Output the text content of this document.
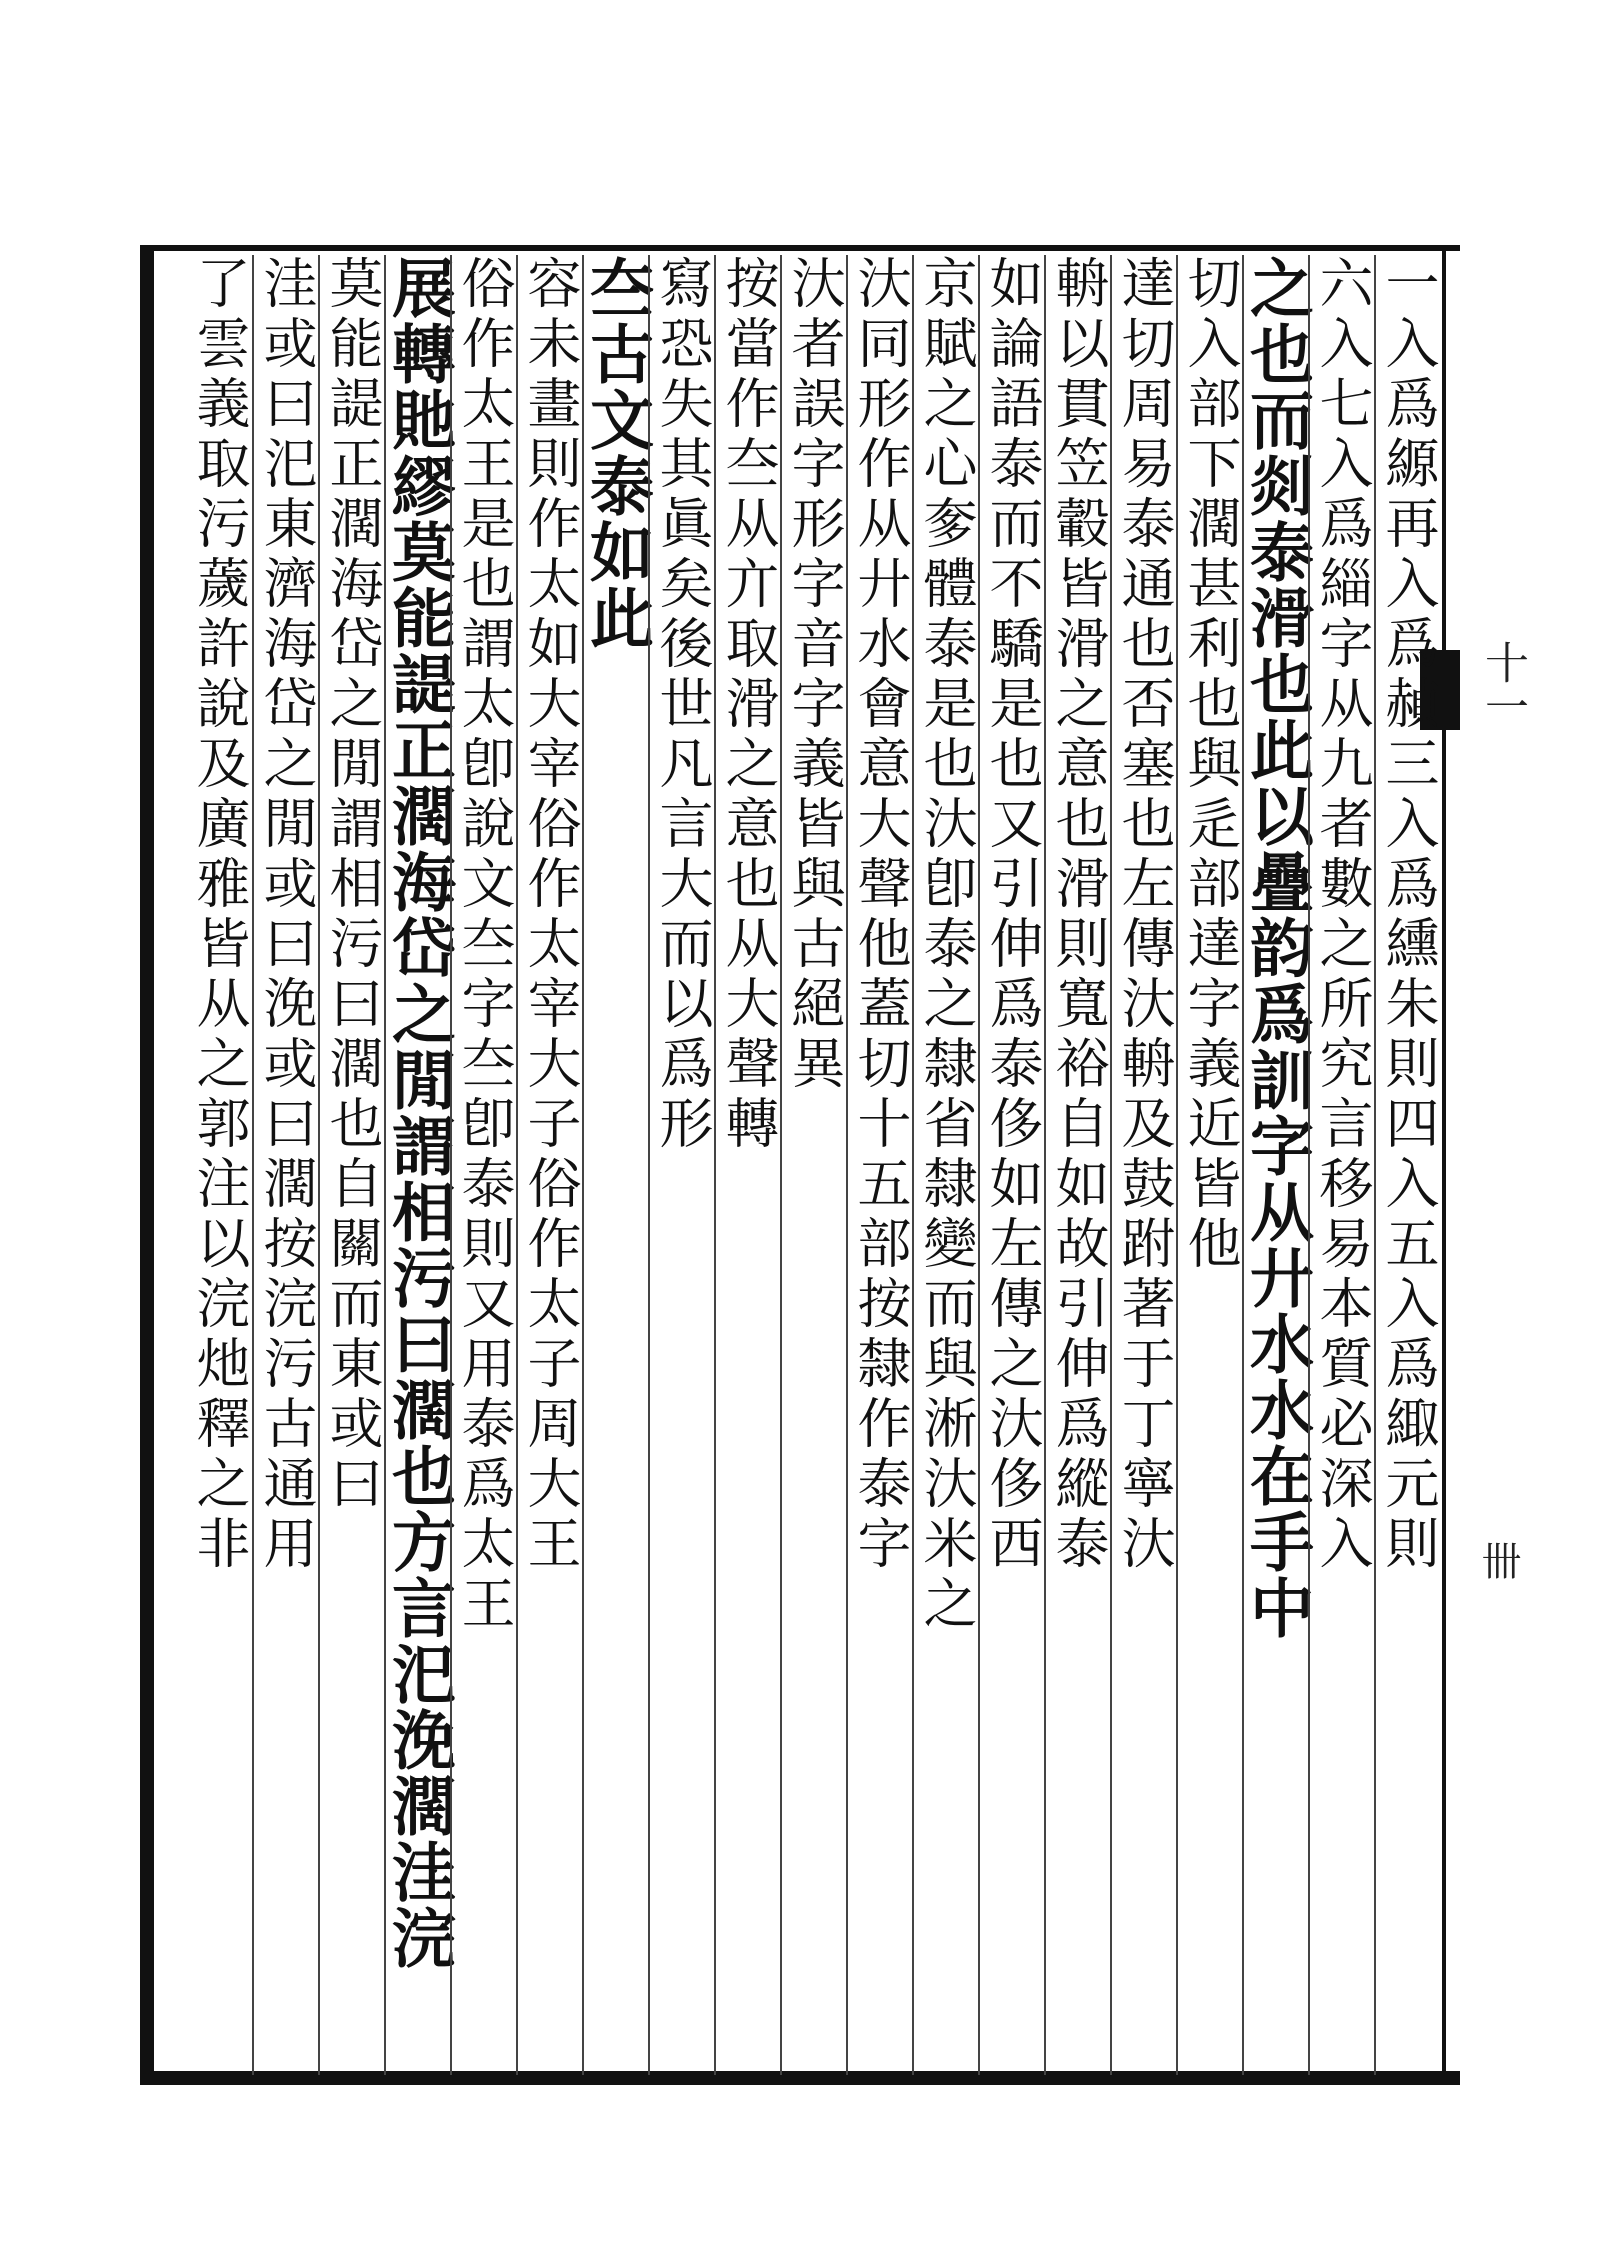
十一
卌
一入爲縓再入爲赬三入爲纁朱則四入五入爲緅元則
六入七入爲緇字从九者數之所究言移易本質必深入
之也而剡泰滑也此以疊韵爲訓字从廾水水在手中
切入部下濶甚利也與辵部達字義近皆他
達切周易泰通也否塞也左傳汏輈及鼓跗著于丁寧汏
輈以貫笠轂皆滑之意也滑則寬裕自如故引伸爲縱泰
如論語泰而不驕是也又引伸爲泰侈如左傳之汏侈西
京賦之心奓體泰是也汏卽泰之隸省隸變而與淅汏米之
汏同形作从廾水會意大聲他蓋切十五部按隸作泰字
汏者誤字形字音字義皆與古絕異
按當作夳从亣取滑之意也从大聲轉
寫恐失其眞矣後世凡言大而以爲形
夳古文泰如此
容未畫則作太如大宰俗作太宰大子俗作太子周大王
俗作太王是也謂太卽說文夳字夳卽泰則又用泰爲太王
展轉貤繆莫能諟正濶海岱之閒謂相污曰濶也方言汜浼濶洼浣
莫能諟正濶海岱之閒謂相污曰濶也自關而東或曰
洼或曰汜東濟海岱之閒或曰浼或曰濶按浣污古通用
了雲義取污薉許說及廣雅皆从之郭注以浣灺釋之非
